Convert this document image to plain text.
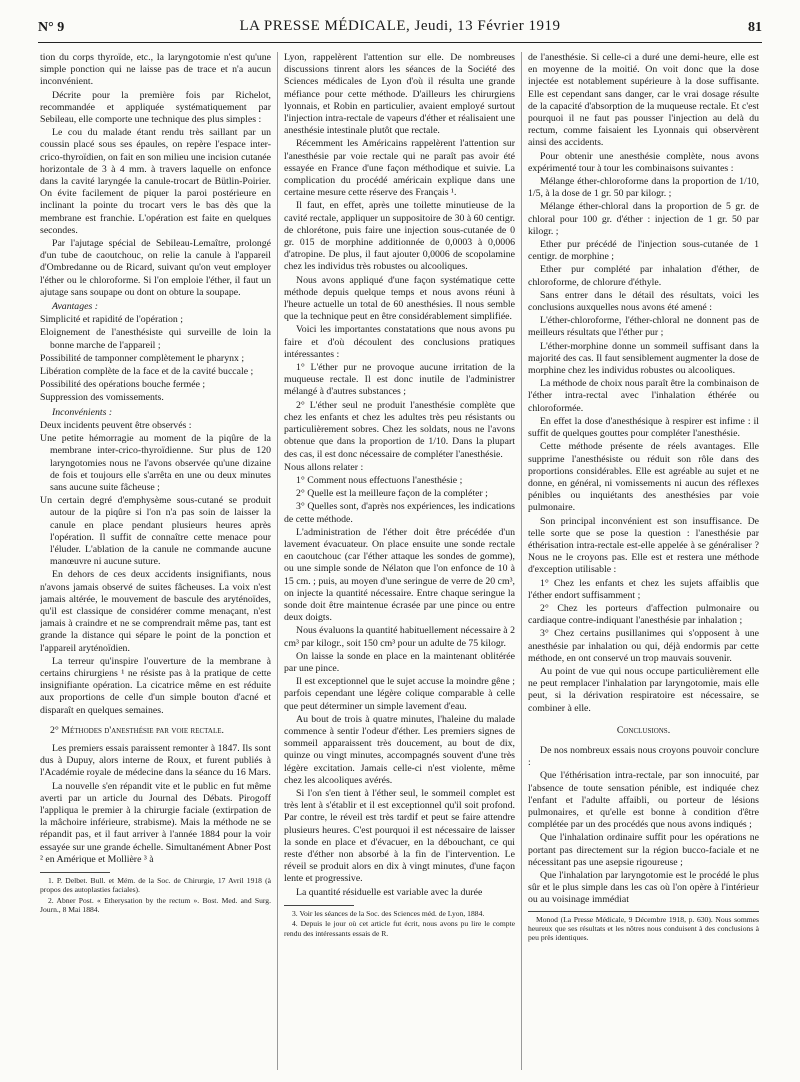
N° 9	LA PRESSE MÉDICALE, Jeudi, 13 Février 1919	81

tion du corps thyroïde, etc., la laryngotomie n'est qu'une simple ponction qui ne laisse pas de trace et n'a aucun inconvénient.

Décrite pour la première fois par Richelot, recommandée et appliquée systématiquement par Sebileau, elle comporte une technique des plus simples :

Le cou du malade étant rendu très saillant par un coussin placé sous ses épaules, on repère l'espace inter-crico-thyroïdien, on fait en son milieu une incision cutanée horizontale de 3 à 4 mm. à travers laquelle on enfonce dans la cavité laryngée la canule-trocart de Bütlin-Poirier. On évite facilement de piquer la paroi postérieure en inclinant la pointe du trocart vers le bas dès que la membrane est franchie. L'opération est faite en quelques secondes.

Par l'ajutage spécial de Sebileau-Lemaître, prolongé d'un tube de caoutchouc, on relie la canule à l'appareil d'Ombredanne ou de Ricard, suivant qu'on veut employer l'éther ou le chloroforme. Si l'on emploie l'éther, il faut un ajutage sans soupape ou dont on obture la soupape.

Avantages :

Simplicité et rapidité de l'opération ;

Eloignement de l'anesthésiste qui surveille de loin la bonne marche de l'appareil ;

Possibilité de tamponner complètement le pharynx ;

Libération complète de la face et de la cavité buccale ;

Possibilité des opérations bouche fermée ;

Suppression des vomissements.

Inconvénients :

Deux incidents peuvent être observés :

Une petite hémorragie au moment de la piqûre de la membrane inter-crico-thyroïdienne. Sur plus de 120 laryngotomies nous ne l'avons observée qu'une dizaine de fois et toujours elle s'arrêta en une ou deux minutes sans aucune suite fâcheuse ;

Un certain degré d'emphysème sous-cutané se produit autour de la piqûre si l'on n'a pas soin de laisser la canule en place pendant plusieurs heures après l'opération. Il suffit de connaître cette menace pour l'éluder. L'ablation de la canule ne commande aucune manœuvre ni aucune suture.

En dehors de ces deux accidents insignifiants, nous n'avons jamais observé de suites fâcheuses. La voix n'est jamais altérée, le mouvement de bascule des aryténoïdes, qu'il est classique de considérer comme menaçant, n'est jamais à craindre et ne se comprendrait même pas, tant est grande la distance qui sépare le point de la ponction et l'appareil aryténoïdien.

La terreur qu'inspire l'ouverture de la membrane à certains chirurgiens ¹ ne résiste pas à la pratique de cette insignifiante opération. La cicatrice même en est réduite aux proportions de celle d'un simple bouton d'acné et disparaît en quelques semaines.

2° Méthodes d'anesthésie par voie rectale.

Les premiers essais paraissent remonter à 1847. Ils sont dus à Dupuy, alors interne de Roux, et furent publiés à l'Académie royale de médecine dans la séance du 16 Mars.

La nouvelle s'en répandit vite et le public en fut même averti par un article du Journal des Débats. Pirogoff l'appliqua le premier à la chirurgie faciale (extirpation de la mâchoire inférieure, strabisme). Mais la méthode ne se répandit pas, et il faut arriver à l'année 1884 pour la voir essayée sur une grande échelle. Simultanément Abner Post ² en Amérique et Mollière ³ à

1. P. Delbet. Bull. et Mém. de la Soc. de Chirurgie, 17 Avril 1918 (à propos des autoplasties faciales).

2. Abner Post. « Etherysation by the rectum ». Bost. Med. and Surg. Journ., 8 Mai 1884.

Lyon, rappelèrent l'attention sur elle. De nombreuses discussions tinrent alors les séances de la Société des Sciences médicales de Lyon d'où il résulta une grande méfiance pour cette méthode. D'ailleurs les chirurgiens lyonnais, et Robin en particulier, avaient employé surtout l'injection intra-rectale de vapeurs d'éther et réalisaient une anesthésie intestinale plutôt que rectale.

Récemment les Américains rappelèrent l'attention sur l'anesthésie par voie rectale qui ne paraît pas avoir été essayée en France d'une façon méthodique et suivie. La complication du procédé américain explique dans une certaine mesure cette réserve des Français ¹.

Il faut, en effet, après une toilette minutieuse de la cavité rectale, appliquer un suppositoire de 30 à 60 centigr. de chlorétone, puis faire une injection sous-cutanée de 0 gr. 015 de morphine additionnée de 0,0003 à 0,0006 d'atropine. De plus, il faut ajouter 0,0006 de scopolamine chez les individus très robustes ou alcooliques.

Nous avons appliqué d'une façon systématique cette méthode depuis quelque temps et nous avons réuni à l'heure actuelle un total de 60 anesthésies. Il nous semble que la technique peut en être considérablement simplifiée.

Voici les importantes constatations que nous avons pu faire et d'où découlent des conclusions pratiques intéressantes :

1° L'éther pur ne provoque aucune irritation de la muqueuse rectale. Il est donc inutile de l'administrer mélangé à d'autres substances ;

2° L'éther seul ne produit l'anesthésie complète que chez les enfants et chez les adultes très peu résistants ou particulièrement sobres. Chez les soldats, nous ne l'avons obtenue que dans la proportion de 1/10. Dans la plupart des cas, il est donc nécessaire de compléter l'anesthésie.

Nous allons relater :

1° Comment nous effectuons l'anesthésie ;

2° Quelle est la meilleure façon de la compléter ;

3° Quelles sont, d'après nos expériences, les indications de cette méthode.

L'administration de l'éther doit être précédée d'un lavement évacuateur. On place ensuite une sonde rectale en caoutchouc (car l'éther attaque les sondes de gomme), ou une simple sonde de Nélaton que l'on enfonce de 10 à 15 cm. ; puis, au moyen d'une seringue de verre de 20 cm³, on injecte la quantité nécessaire. Entre chaque seringue la sonde doit être maintenue écrasée par une pince ou entre deux doigts.

Nous évaluons la quantité habituellement nécessaire à 2 cm³ par kilogr., soit 150 cm³ pour un adulte de 75 kilogr.

On laisse la sonde en place en la maintenant oblitérée par une pince.

Il est exceptionnel que le sujet accuse la moindre gêne ; parfois cependant une légère colique comparable à celle que peut déterminer un simple lavement d'eau.

Au bout de trois à quatre minutes, l'haleine du malade commence à sentir l'odeur d'éther. Les premiers signes de sommeil apparaissent très doucement, au bout de dix, quinze ou vingt minutes, accompagnés souvent d'une très légère excitation. Jamais celle-ci n'est violente, même chez les alcooliques avérés.

Si l'on s'en tient à l'éther seul, le sommeil complet est très lent à s'établir et il est exceptionnel qu'il soit profond. Par contre, le réveil est très tardif et peut se faire attendre plusieurs heures. C'est pourquoi il est nécessaire de laisser la sonde en place et d'évacuer, en la débouchant, ce qui reste d'éther non absorbé à la fin de l'intervention. Le réveil se produit alors en dix à vingt minutes, d'une façon lente et progressive.

La quantité résiduelle est variable avec la durée

3. Voir les séances de la Soc. des Sciences méd. de Lyon, 1884.

4. Depuis le jour où cet article fut écrit, nous avons pu lire le compte rendu des intéressants essais de R.

de l'anesthésie. Si celle-ci a duré une demi-heure, elle est en moyenne de la moitié. On voit donc que la dose injectée est notablement supérieure à la dose suffisante. Elle est cependant sans danger, car le vrai dosage résulte de la capacité d'absorption de la muqueuse rectale. Et c'est pourquoi il ne faut pas pousser l'injection au delà du rectum, comme faisaient les Lyonnais qui observèrent ainsi des accidents.

Pour obtenir une anesthésie complète, nous avons expérimenté tour à tour les combinaisons suivantes :

Mélange éther-chloroforme dans la proportion de 1/10, 1/5, à la dose de 1 gr. 50 par kilogr. ;

Mélange éther-chloral dans la proportion de 5 gr. de chloral pour 100 gr. d'éther : injection de 1 gr. 50 par kilogr. ;

Ether pur précédé de l'injection sous-cutanée de 1 centigr. de morphine ;

Ether pur complété par inhalation d'éther, de chloroforme, de chlorure d'éthyle.

Sans entrer dans le détail des résultats, voici les conclusions auxquelles nous avons été amené :

L'éther-chloroforme, l'éther-chloral ne donnent pas de meilleurs résultats que l'éther pur ;

L'éther-morphine donne un sommeil suffisant dans la majorité des cas. Il faut sensiblement augmenter la dose de morphine chez les individus robustes ou alcooliques.

La méthode de choix nous paraît être la combinaison de l'éther intra-rectal avec l'inhalation éthérée ou chloroformée.

En effet la dose d'anesthésique à respirer est infime : il suffit de quelques gouttes pour compléter l'anesthésie.

Cette méthode présente de réels avantages. Elle supprime l'anesthésiste ou réduit son rôle dans des proportions considérables. Elle est agréable au sujet et ne donne, en général, ni vomissements ni aucun des réflexes pénibles ou inquiétants des anesthésies par voie pulmonaire.

Son principal inconvénient est son insuffisance. De telle sorte que se pose la question : l'anesthésie par éthérisation intra-rectale est-elle appelée à se généraliser ? Nous ne le croyons pas. Elle est et restera une méthode d'exception utilisable :

1° Chez les enfants et chez les sujets affaiblis que l'éther endort suffisamment ;

2° Chez les porteurs d'affection pulmonaire ou cardiaque contre-indiquant l'anesthésie par inhalation ;

3° Chez certains pusillanimes qui s'opposent à une anesthésie par inhalation ou qui, déjà endormis par cette méthode, en ont conservé un trop mauvais souvenir.

Au point de vue qui nous occupe particulièrement elle ne peut remplacer l'inhalation par laryngotomie, mais elle peut, si la dérivation respiratoire est nécessaire, se combiner à elle.

Conclusions.

De nos nombreux essais nous croyons pouvoir conclure :

Que l'éthérisation intra-rectale, par son innocuité, par l'absence de toute sensation pénible, est indiquée chez l'enfant et l'adulte affaibli, ou porteur de lésions pulmonaires, et qu'elle est bonne à condition d'être complétée par un des procédés que nous avons indiqués ;

Que l'inhalation ordinaire suffit pour les opérations ne portant pas directement sur la région bucco-faciale et ne nécessitant pas une asepsie rigoureuse ;

Que l'inhalation par laryngotomie est le procédé le plus sûr et le plus simple dans les cas où l'on opère à l'intérieur ou au voisinage immédiat

Monod (La Presse Médicale, 9 Décembre 1918, p. 630). Nous sommes heureux que ses résultats et les nôtres nous conduisent à des conclusions à peu près identiques.
